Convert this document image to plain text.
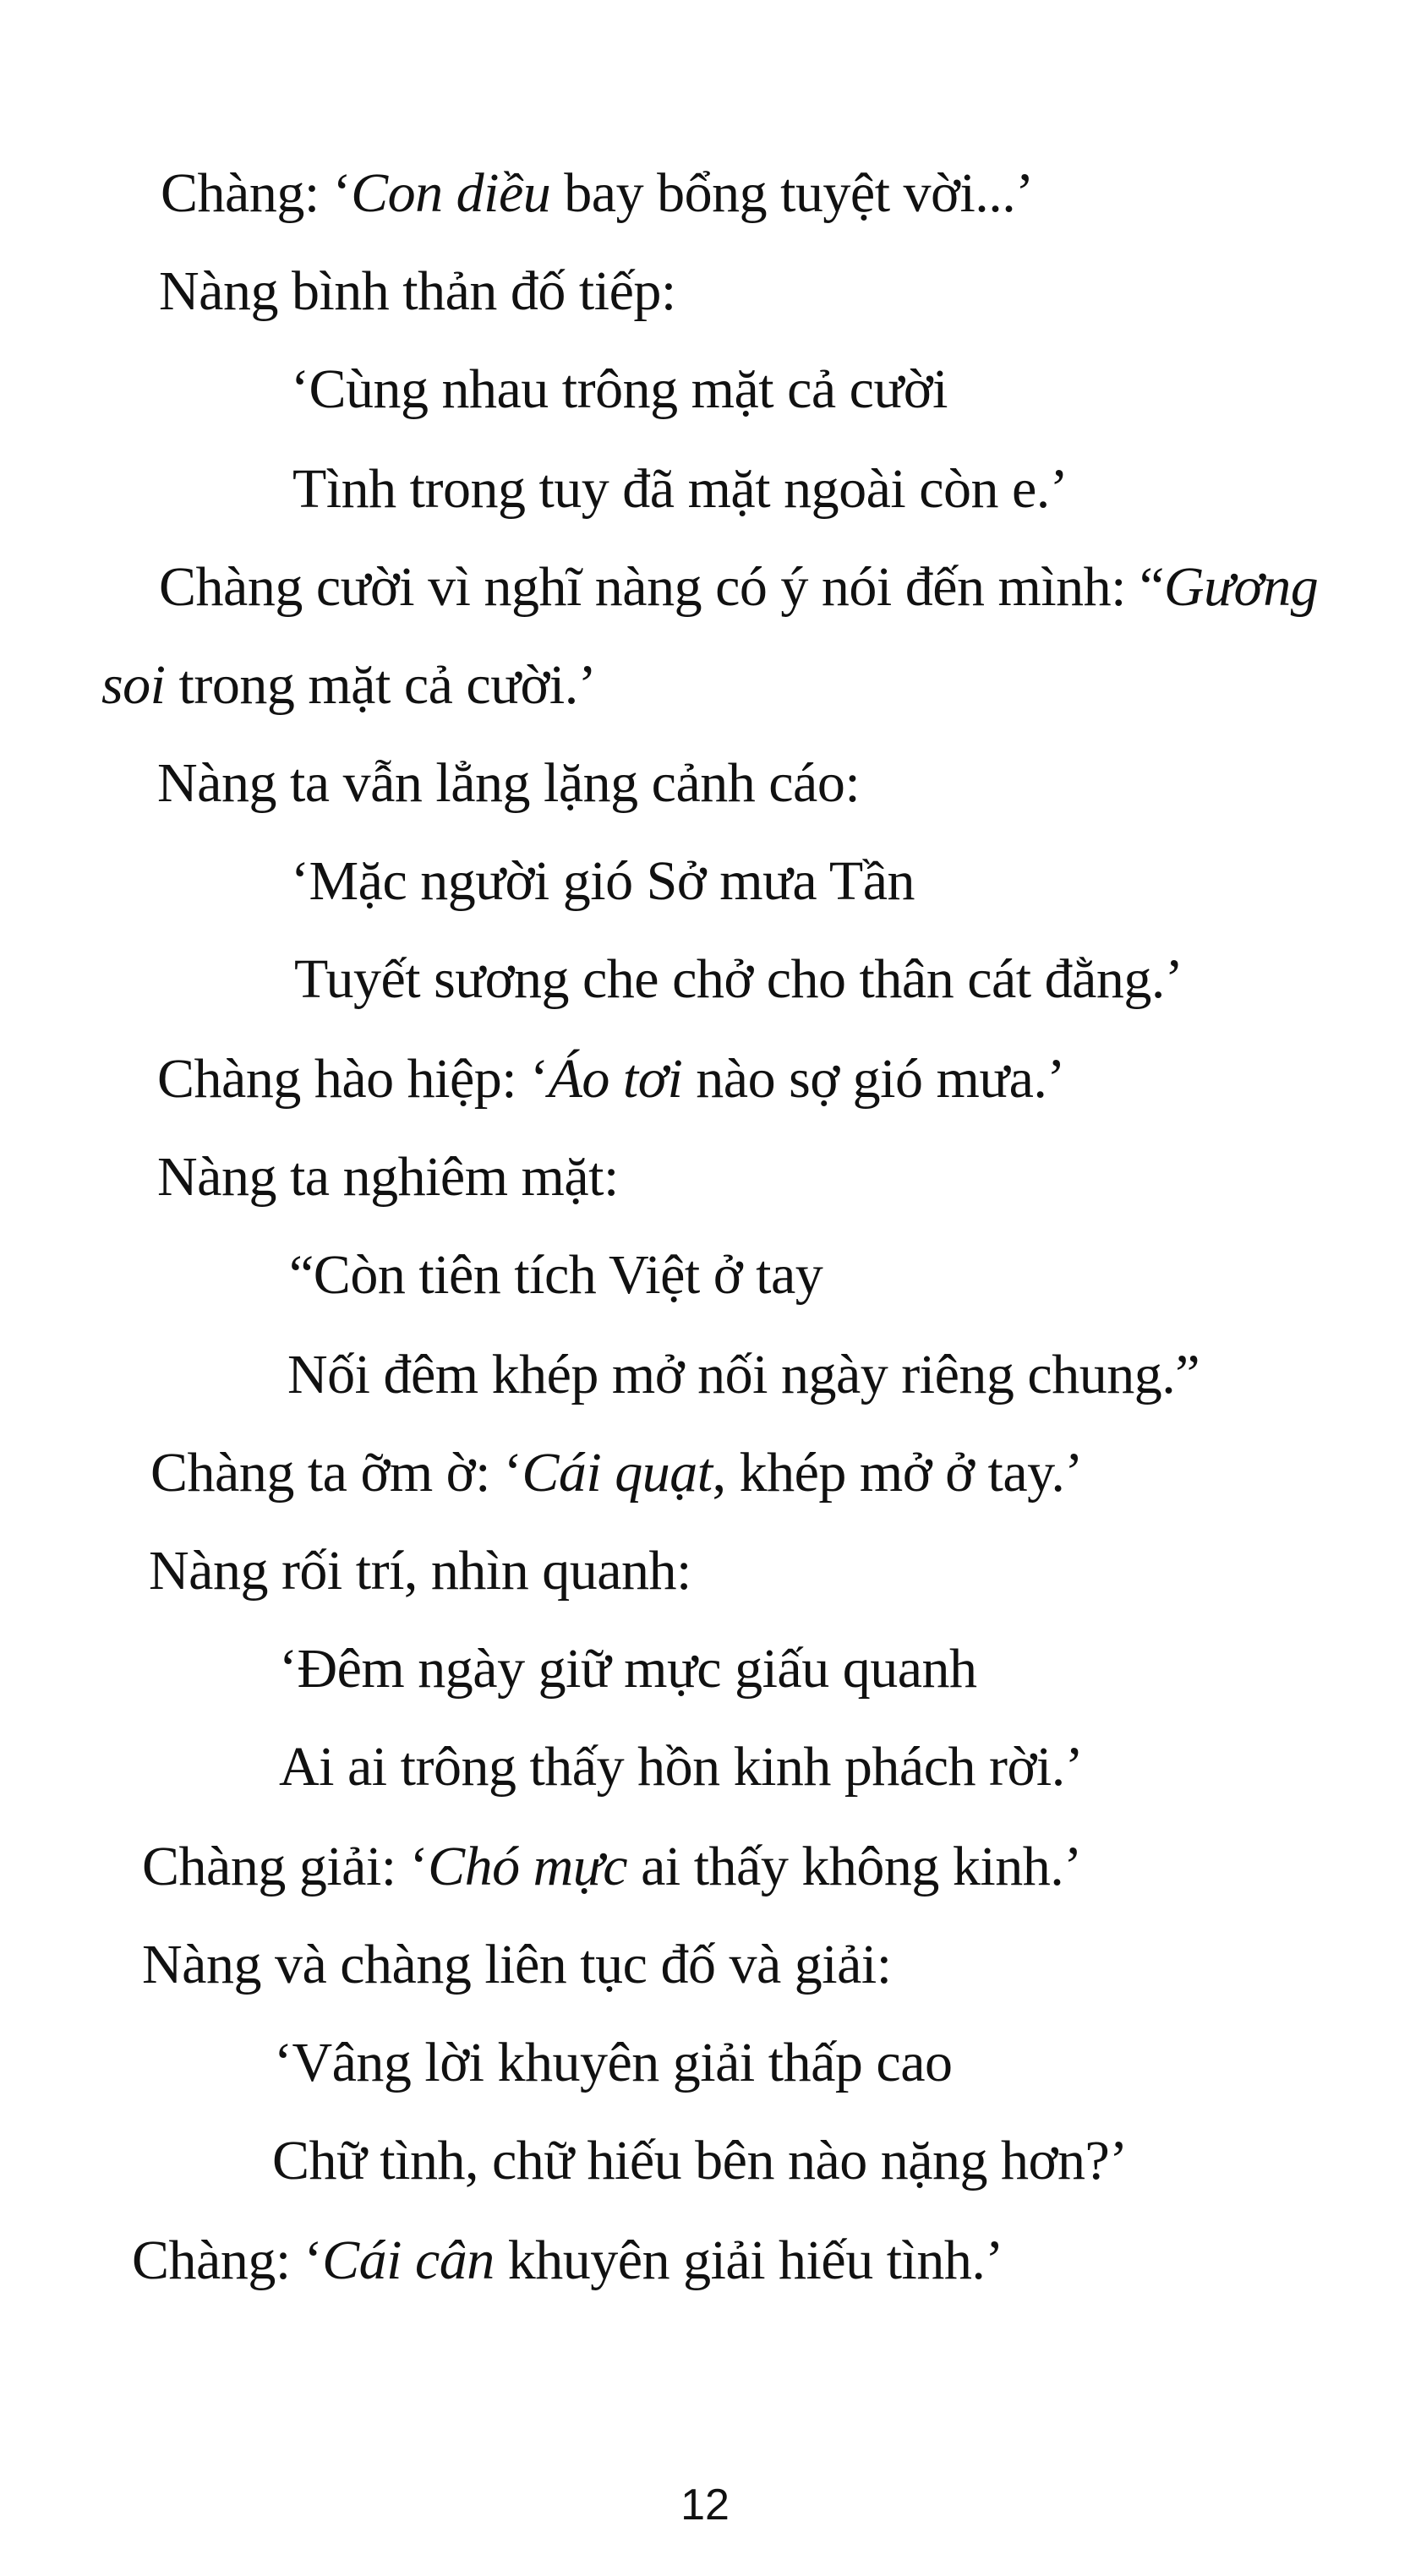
Chàng: ‘Con diều bay bổng tuyệt vời...’
Nàng bình thản đố tiếp:
‘Cùng nhau trông mặt cả cười
Tình trong tuy đã mặt ngoài còn e.’
Chàng cười vì nghĩ nàng có ý nói đến mình: “Gương
soi trong mặt cả cười.’
Nàng ta vẫn lẳng lặng cảnh cáo:
‘Mặc người gió Sở mưa Tần
Tuyết sương che chở cho thân cát đằng.’
Chàng hào hiệp: ‘Áo tơi nào sợ gió mưa.’
Nàng ta nghiêm mặt:
“Còn tiên tích Việt ở tay
Nối đêm khép mở nối ngày riêng chung.”
Chàng ta ỡm ờ: ‘Cái quạt, khép mở ở tay.’
Nàng rối trí, nhìn quanh:
‘Đêm ngày giữ mực giấu quanh
Ai ai trông thấy hồn kinh phách rời.’
Chàng giải: ‘Chó mực ai thấy không kinh.’
Nàng và chàng liên tục đố và giải:
‘Vâng lời khuyên giải thấp cao
Chữ tình, chữ hiếu bên nào nặng hơn?’
Chàng: ‘Cái cân khuyên giải hiếu tình.’
12
